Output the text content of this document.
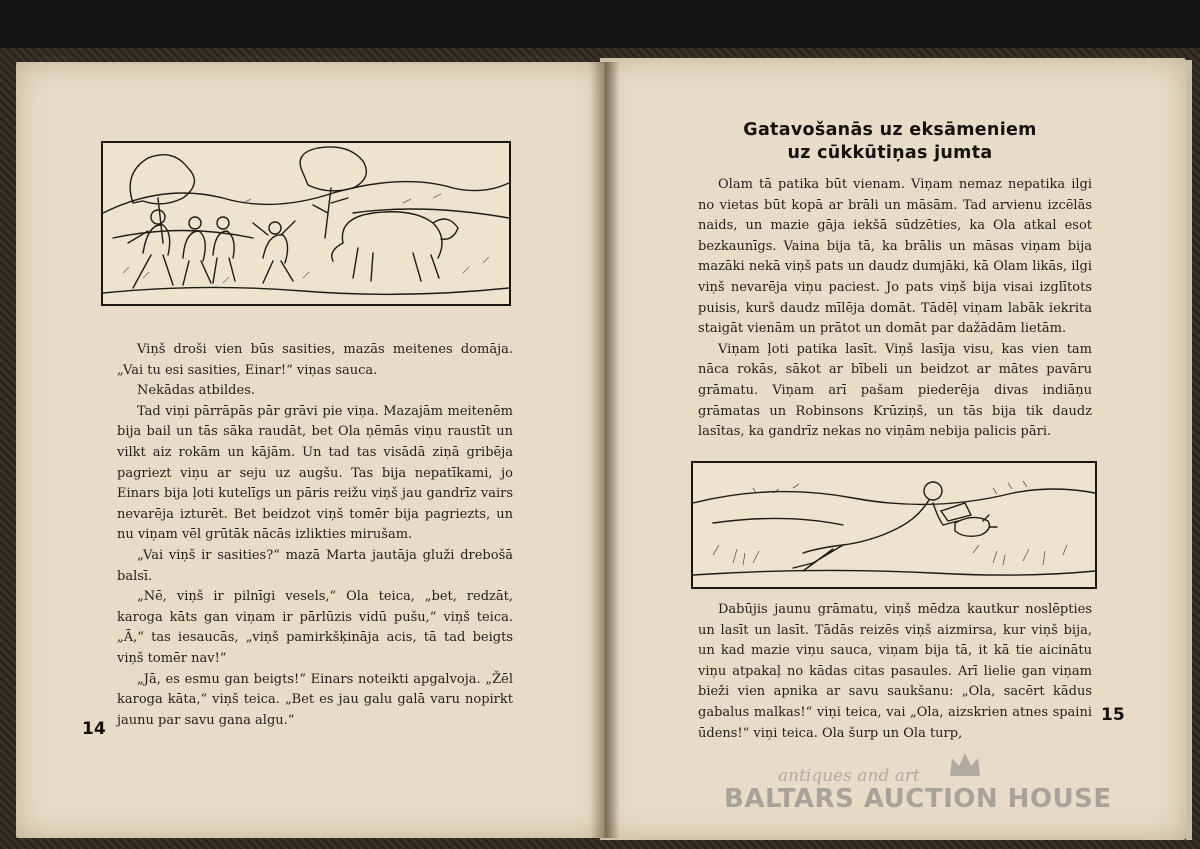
Viņš droši vien būs sasities, mazās meitenes domāja. „Vai tu esi sasities, Einar!“ viņas sauca.

Nekādas atbildes.

Tad viņi pārrāpās pār grāvi pie viņa. Mazajām meitenēm bija bail un tās sāka raudāt, bet Ola ņēmās viņu raustīt un vilkt aiz rokām un kājām. Un tad tas visādā ziņā gribēja pagriezt viņu ar seju uz augšu. Tas bija nepatīkami, jo Einars bija ļoti kutelīgs un pāris reižu viņš jau gandrīz vairs nevarēja izturēt. Bet beidzot viņš tomēr bija pagriezts, un nu viņam vēl grūtāk nācās izlikties mirušam.

„Vai viņš ir sasities?“ mazā Marta jautāja gluži drebošā balsī.

„Nē, viņš ir pilnīgi vesels,“ Ola teica, „bet, redzāt, karoga kāts gan viņam ir pārlūzis vidū pušu,“ viņš teica. „Ā,“ tas iesaucās, „viņš pamirkšķināja acis, tā tad beigts viņš tomēr nav!“

„Jā, es esmu gan beigts!“ Einars noteikti apgalvoja. „Žēl karoga kāta,“ viņš teica. „Bet es jau galu galā varu nopirkt jaunu par savu gana algu.“

14
Gatavošanās uz eksāmeniem
uz cūkkūtiņas jumta

Olam tā patika būt vienam. Viņam nemaz nepatika ilgi no vietas būt kopā ar brāli un māsām. Tad arvienu izcēlās naids, un mazie gāja iekšā sūdzēties, ka Ola atkal esot bezkaunīgs. Vaina bija tā, ka brālis un māsas viņam bija mazāki nekā viņš pats un daudz dumjāki, kā Olam likās, ilgi viņš nevarēja viņu paciest. Jo pats viņš bija visai izglītots puisis, kurš daudz mīlēja domāt. Tādēļ viņam labāk iekrita staigāt vienām un prātot un domāt par dažādām lietām.

Viņam ļoti patika lasīt. Viņš lasīja visu, kas vien tam nāca rokās, sākot ar bībeli un beidzot ar mātes pavāru grāmatu. Viņam arī pašam piederēja divas indiāņu grāmatas un Robinsons Krūziņš, un tās bija tik daudz lasītas, ka gandrīz nekas no viņām nebija palicis pāri.

Dabūjis jaunu grāmatu, viņš mēdza kautkur noslēpties un lasīt un lasīt. Tādās reizēs viņš aizmirsa, kur viņš bija, un kad mazie viņu sauca, viņam bija tā, it kā tie aicinātu viņu atpakaļ no kādas citas pasaules. Arī lielie gan viņam bieži vien apnika ar savu saukšanu: „Ola, sacērt kādus gabalus malkas!“ viņi teica, vai „Ola, aizskrien atnes spaini ūdens!“ viņi teica. Ola šurp un Ola turp,

15
antiques and art
BALTARS AUCTION HOUSE
